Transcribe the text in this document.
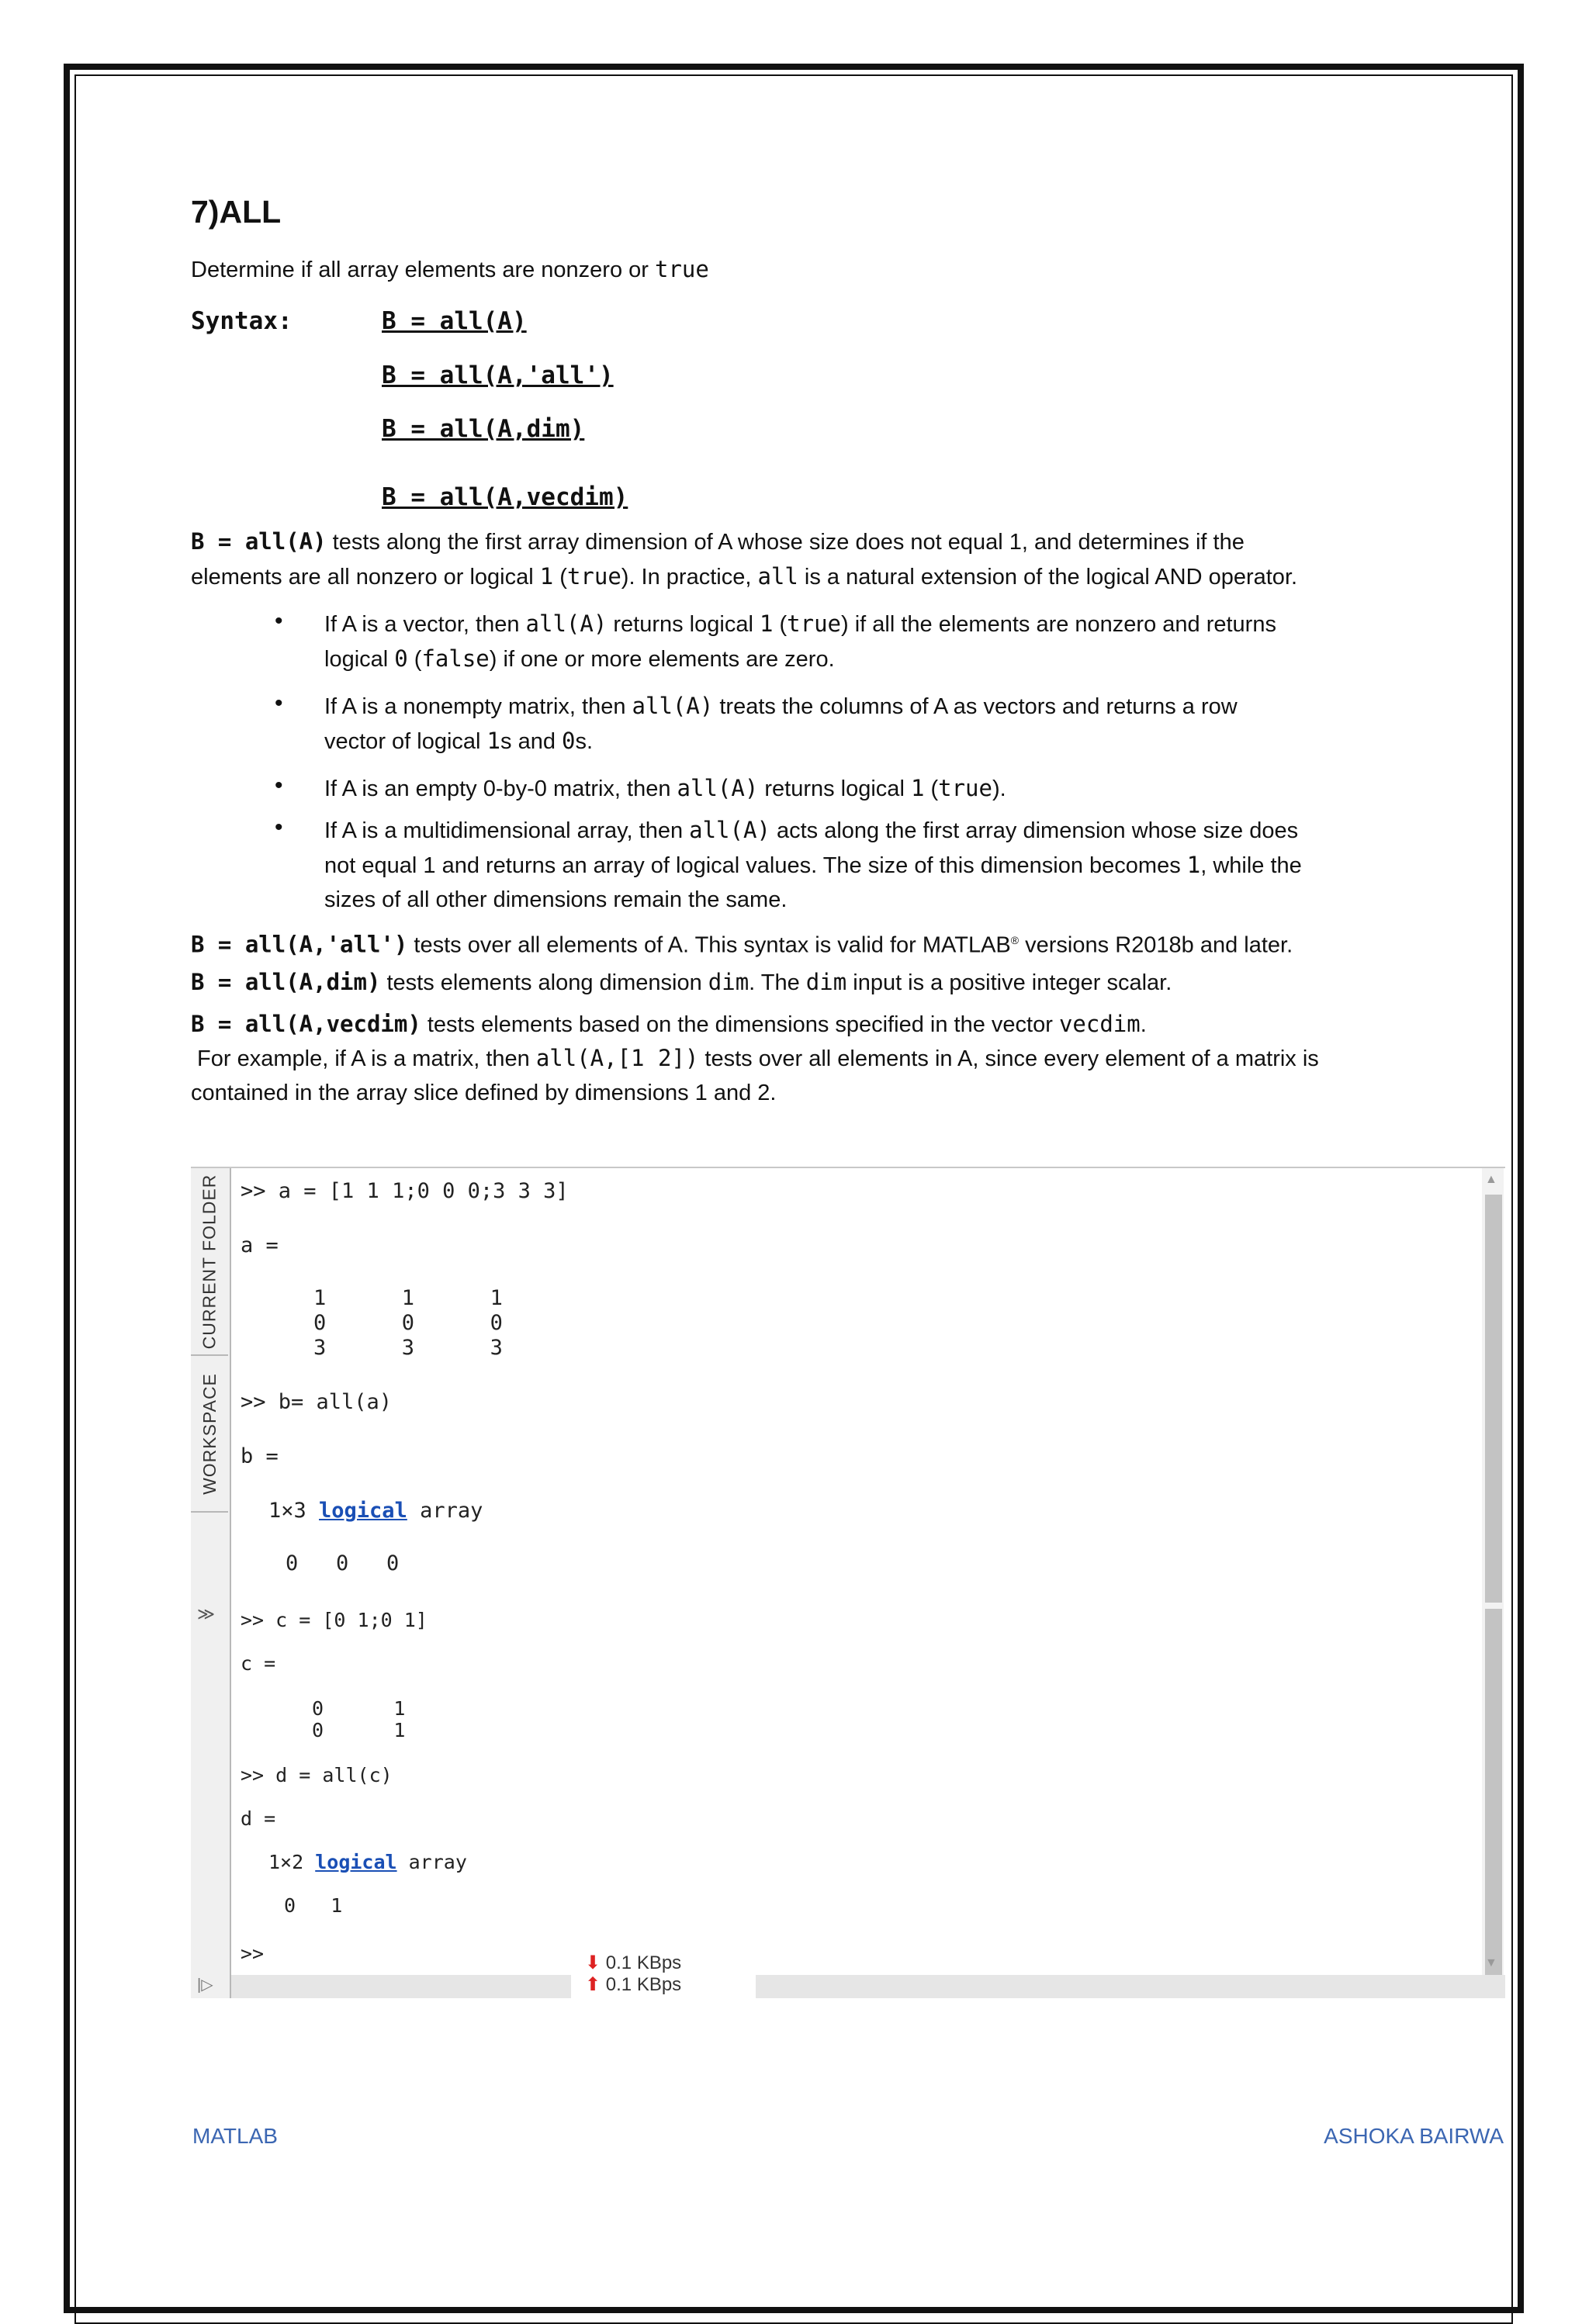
7)ALL
Determine if all array elements are nonzero or true
Syntax:	B = all(A)
B = all(A,'all')
B = all(A,dim)
B = all(A,vecdim)
B = all(A) tests along the first array dimension of A whose size does not equal 1, and determines if the
elements are all nonzero or logical 1 (true). In practice, all is a natural extension of the logical AND operator.
• If A is a vector, then all(A) returns logical 1 (true) if all the elements are nonzero and returns
logical 0 (false) if one or more elements are zero.
• If A is a nonempty matrix, then all(A) treats the columns of A as vectors and returns a row
vector of logical 1s and 0s.
• If A is an empty 0-by-0 matrix, then all(A) returns logical 1 (true).
• If A is a multidimensional array, then all(A) acts along the first array dimension whose size does
not equal 1 and returns an array of logical values. The size of this dimension becomes 1, while the
sizes of all other dimensions remain the same.
B = all(A,'all') tests over all elements of A. This syntax is valid for MATLAB® versions R2018b and later.
B = all(A,dim) tests elements along dimension dim. The dim input is a positive integer scalar.
B = all(A,vecdim) tests elements based on the dimensions specified in the vector vecdim.
For example, if A is a matrix, then all(A,[1 2]) tests over all elements in A, since every element of a matrix is
contained in the array slice defined by dimensions 1 and 2.
CURRENT FOLDER
WORKSPACE
≫
|▷
>> a = [1 1 1;0 0 0;3 3 3]
a =
1      1      1
0      0      0
3      3      3
>> b= all(a)
b =
1×3 logical array
0   0   0
>> c = [0 1;0 1]
c =
0      1
0      1
>> d = all(c)
d =
1×2 logical array
0   1
>>
▲
▼
⬇ 0.1 KBps
⬆ 0.1 KBps
MATLAB	ASHOKA BAIRWA
